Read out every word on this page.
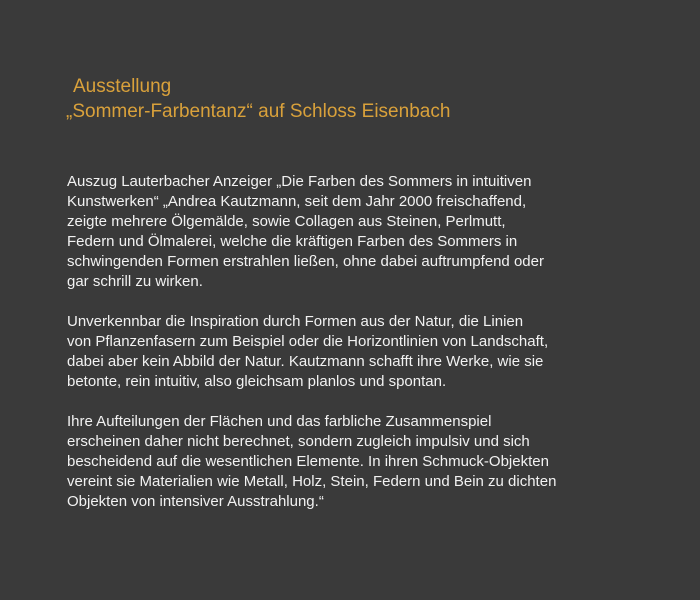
Ausstellung
„Sommer-Farbentanz“ auf Schloss Eisenbach

Auszug Lauterbacher Anzeiger „Die Farben des Sommers in intuitiven
Kunstwerken“ „Andrea Kautzmann, seit dem Jahr 2000 freischaffend,
zeigte mehrere Ölgemälde, sowie Collagen aus Steinen, Perlmutt,
Federn und Ölmalerei, welche die kräftigen Farben des Sommers in
schwingenden Formen erstrahlen ließen, ohne dabei auftrumpfend oder
gar schrill zu wirken.

Unverkennbar die Inspiration durch Formen aus der Natur, die Linien
von Pflanzenfasern zum Beispiel oder die Horizontlinien von Landschaft,
dabei aber kein Abbild der Natur. Kautzmann schafft ihre Werke, wie sie
betonte, rein intuitiv, also gleichsam planlos und spontan.

Ihre Aufteilungen der Flächen und das farbliche Zusammenspiel
erscheinen daher nicht berechnet, sondern zugleich impulsiv und sich
bescheidend auf die wesentlichen Elemente. In ihren Schmuck-Objekten
vereint sie Materialien wie Metall, Holz, Stein, Federn und Bein zu dichten
Objekten von intensiver Ausstrahlung.“
